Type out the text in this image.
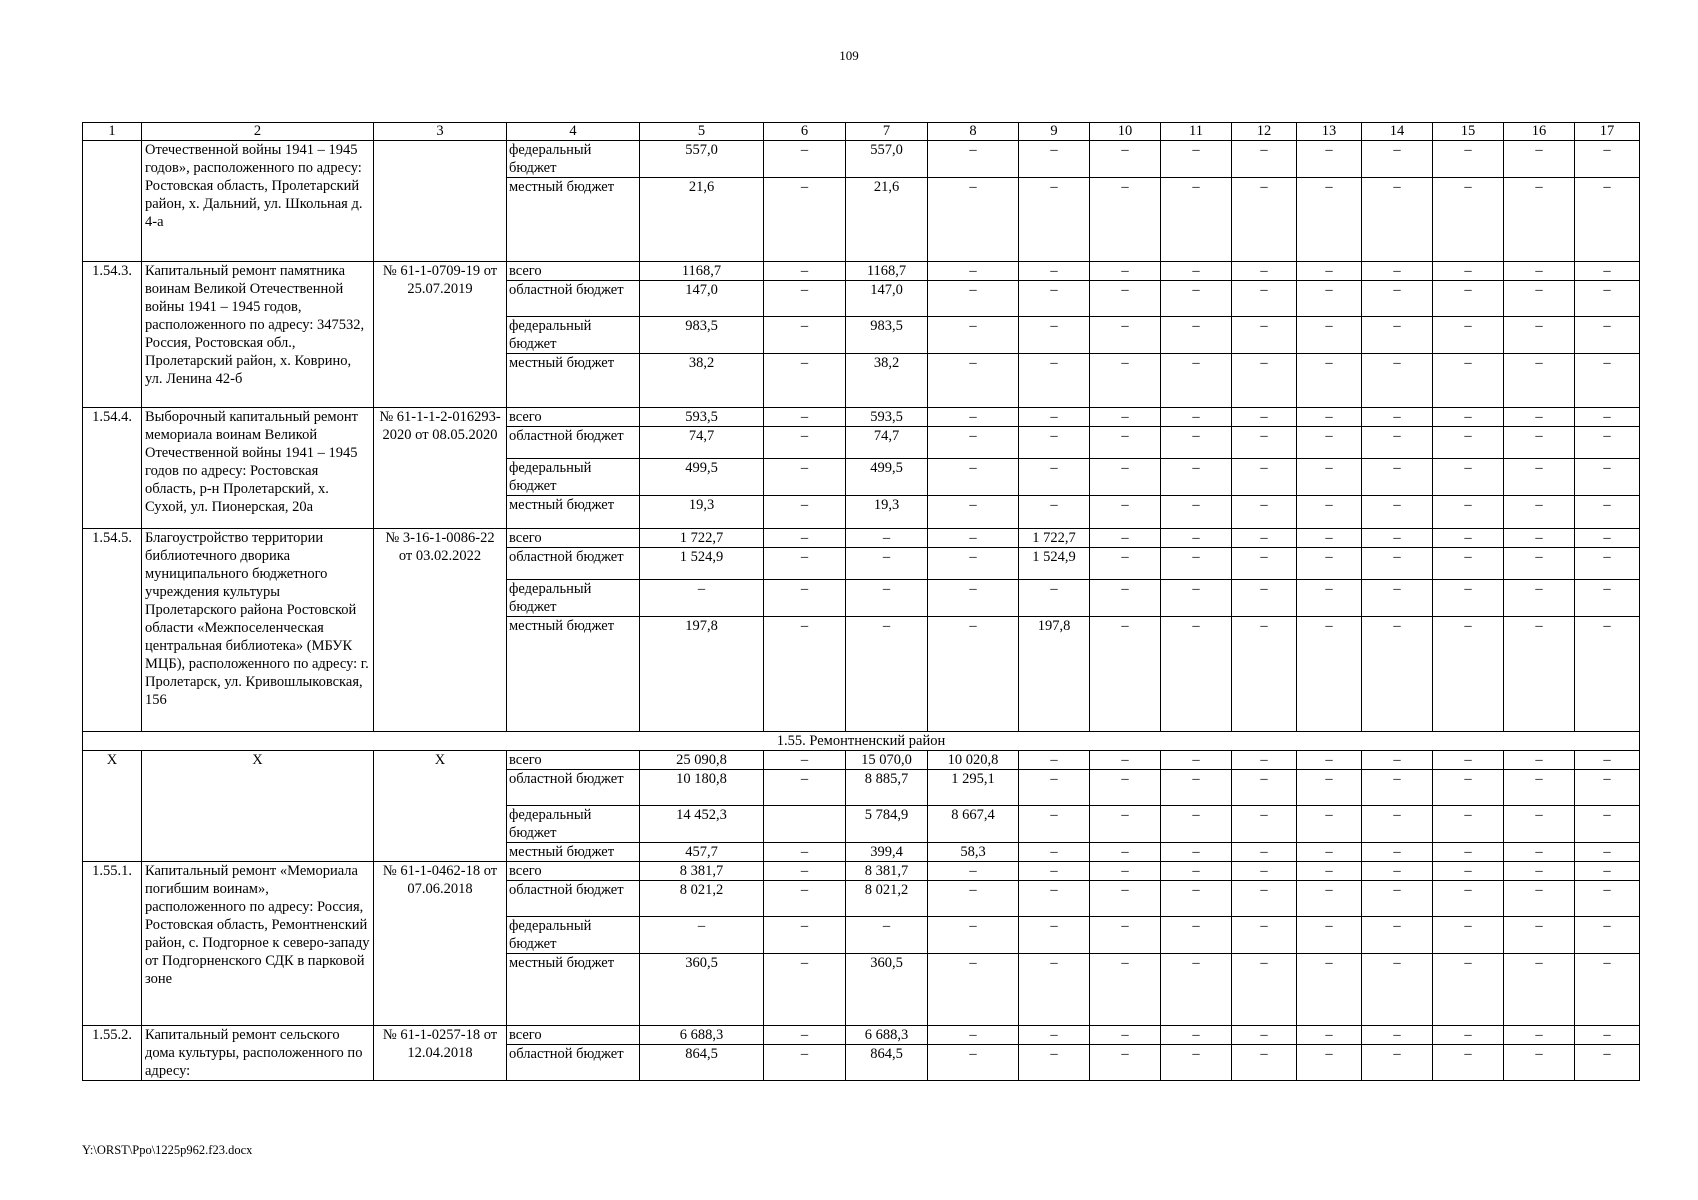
109
1	2	3	4	5	6	7	8	9	10	11	12	13	14	15	16	17
	Отечественной войны 1941 – 1945 годов», расположенного по адресу: Ростовская область, Пролетарский район, х. Дальний, ул. Школьная д. 4-а		федеральный бюджет	557,0	–	557,0	–	–	–	–	–	–	–	–	–	–
			местный бюджет	21,6	–	21,6	–	–	–	–	–	–	–	–	–	–
1.54.3.	Капитальный ремонт памятника воинам Великой Отечественной войны 1941 – 1945 годов, расположенного по адресу: 347532, Россия, Ростовская обл., Пролетарский район, х. Коврино, ул. Ленина 42-б	№ 61-1-0709-19 от 25.07.2019	всего	1168,7	–	1168,7	–	–	–	–	–	–	–	–	–	–
			областной бюджет	147,0	–	147,0	–	–	–	–	–	–	–	–	–	–
			федеральный бюджет	983,5	–	983,5	–	–	–	–	–	–	–	–	–	–
			местный бюджет	38,2	–	38,2	–	–	–	–	–	–	–	–	–	–
1.54.4.	Выборочный капитальный ремонт мемориала воинам Великой Отечественной войны 1941 – 1945 годов по адресу: Ростовская область, р-н Пролетарский, х. Сухой, ул. Пионерская, 20а	№ 61-1-1-2-016293-2020 от 08.05.2020	всего	593,5	–	593,5	–	–	–	–	–	–	–	–	–	–
			областной бюджет	74,7	–	74,7	–	–	–	–	–	–	–	–	–	–
			федеральный бюджет	499,5	–	499,5	–	–	–	–	–	–	–	–	–	–
			местный бюджет	19,3	–	19,3	–	–	–	–	–	–	–	–	–	–
1.54.5.	Благоустройство территории библиотечного дворика муниципального бюджетного учреждения культуры Пролетарского района Ростовской области «Межпоселенческая центральная библиотека» (МБУК МЦБ), расположенного по адресу: г. Пролетарск, ул. Кривошлыковская, 156	№ 3-16-1-0086-22 от 03.02.2022	всего	1 722,7	–	–	–	1 722,7	–	–	–	–	–	–	–	–
			областной бюджет	1 524,9	–	–	–	1 524,9	–	–	–	–	–	–	–	–
			федеральный бюджет	–	–	–	–	–	–	–	–	–	–	–	–	–
			местный бюджет	197,8	–	–	–	197,8	–	–	–	–	–	–	–	–
1.55. Ремонтненский район																
X	X	X	всего	25 090,8	–	15 070,0	10 020,8	–	–	–	–	–	–	–	–	–
			областной бюджет	10 180,8	–	8 885,7	1 295,1	–	–	–	–	–	–	–	–	–
			федеральный бюджет	14 452,3		5 784,9	8 667,4	–	–	–	–	–	–	–	–	–
			местный бюджет	457,7	–	399,4	58,3	–	–	–	–	–	–	–	–	–
1.55.1.	Капитальный ремонт «Мемориала погибшим воинам», расположенного по адресу: Россия, Ростовская область, Ремонтненский район, с. Подгорное к северо-западу от Подгорненского СДК в парковой зоне	№ 61-1-0462-18 от 07.06.2018	всего	8 381,7	–	8 381,7	–	–	–	–	–	–	–	–	–	–
			областной бюджет	8 021,2	–	8 021,2	–	–	–	–	–	–	–	–	–	–
			федеральный бюджет	–	–	–	–	–	–	–	–	–	–	–	–	–
			местный бюджет	360,5	–	360,5	–	–	–	–	–	–	–	–	–	–
1.55.2.	Капитальный ремонт сельского дома культуры, расположенного по адресу:	№ 61-1-0257-18 от 12.04.2018	всего	6 688,3	–	6 688,3	–	–	–	–	–	–	–	–	–	–
			областной бюджет	864,5	–	864,5	–	–	–	–	–	–	–	–	–	–
Y:\ORST\Ppo\1225p962.f23.docx
